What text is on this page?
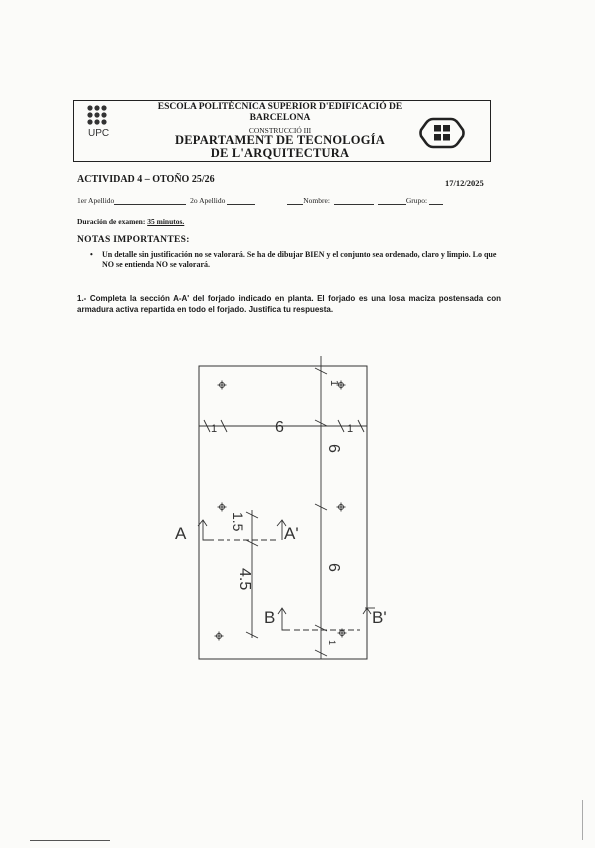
UPC
ESCOLA POLITÈCNICA SUPERIOR D'EDIFICACIÓ DE
BARCELONA
CONSTRUCCIÓ III
DEPARTAMENT DE TECNOLOGÍA
DE L'ARQUITECTURA
ACTIVIDAD 4 – OTOÑO 25/26	17/12/2025
1er Apellido	2o Apellido	Nombre:	Grupo:
Duración de examen: 35 minutos.
NOTAS IMPORTANTES:
• Un detalle sin justificación no se valorará. Se ha de dibujar BIEN y el conjunto sea ordenado, claro y limpio. Lo que NO se entienda NO se valorará.
1.- Completa la sección A-A' del forjado indicado en planta. El forjado es una losa maciza postensada con armadura activa repartida en todo el forjado. Justifica tu respuesta.
6
1	1
1
6
6
1.5
4.5
1
A	A'
B	B'
